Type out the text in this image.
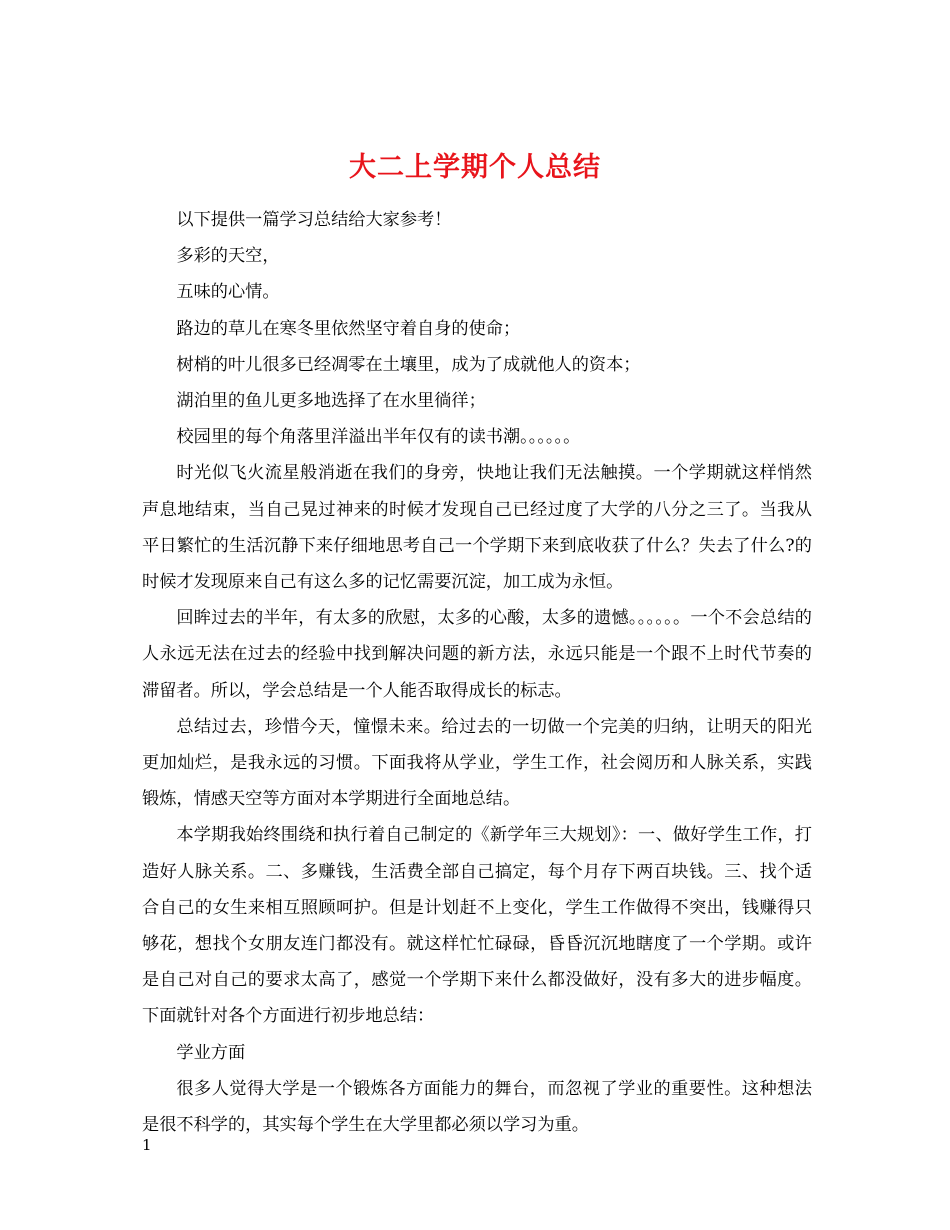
大二上学期个人总结

以下提供一篇学习总结给大家参考！

多彩的天空，

五味的心情。

路边的草儿在寒冬里依然坚守着自身的使命；

树梢的叶儿很多已经凋零在土壤里，成为了成就他人的资本；

湖泊里的鱼儿更多地选择了在水里徜徉；

校园里的每个角落里洋溢出半年仅有的读书潮。。。。。。

时光似飞火流星般消逝在我们的身旁，快地让我们无法触摸。一个学期就这样悄然声息地结束，当自己晃过神来的时候才发现自己已经过度了大学的八分之三了。当我从平日繁忙的生活沉静下来仔细地思考自己一个学期下来到底收获了什么？失去了什么?的时候才发现原来自己有这么多的记忆需要沉淀，加工成为永恒。

回眸过去的半年，有太多的欣慰，太多的心酸，太多的遗憾。。。。。。一个不会总结的人永远无法在过去的经验中找到解决问题的新方法，永远只能是一个跟不上时代节奏的滞留者。所以，学会总结是一个人能否取得成长的标志。

总结过去，珍惜今天，憧憬未来。给过去的一切做一个完美的归纳，让明天的阳光更加灿烂，是我永远的习惯。下面我将从学业，学生工作，社会阅历和人脉关系，实践锻炼，情感天空等方面对本学期进行全面地总结。

本学期我始终围绕和执行着自己制定的《新学年三大规划》：一、做好学生工作，打造好人脉关系。二、多赚钱，生活费全部自己搞定，每个月存下两百块钱。三、找个适合自己的女生来相互照顾呵护。但是计划赶不上变化，学生工作做得不突出，钱赚得只够花，想找个女朋友连门都没有。就这样忙忙碌碌，昏昏沉沉地瞎度了一个学期。或许是自己对自己的要求太高了，感觉一个学期下来什么都没做好，没有多大的进步幅度。下面就针对各个方面进行初步地总结：

学业方面

很多人觉得大学是一个锻炼各方面能力的舞台，而忽视了学业的重要性。这种想法是很不科学的，其实每个学生在大学里都必须以学习为重。

1
